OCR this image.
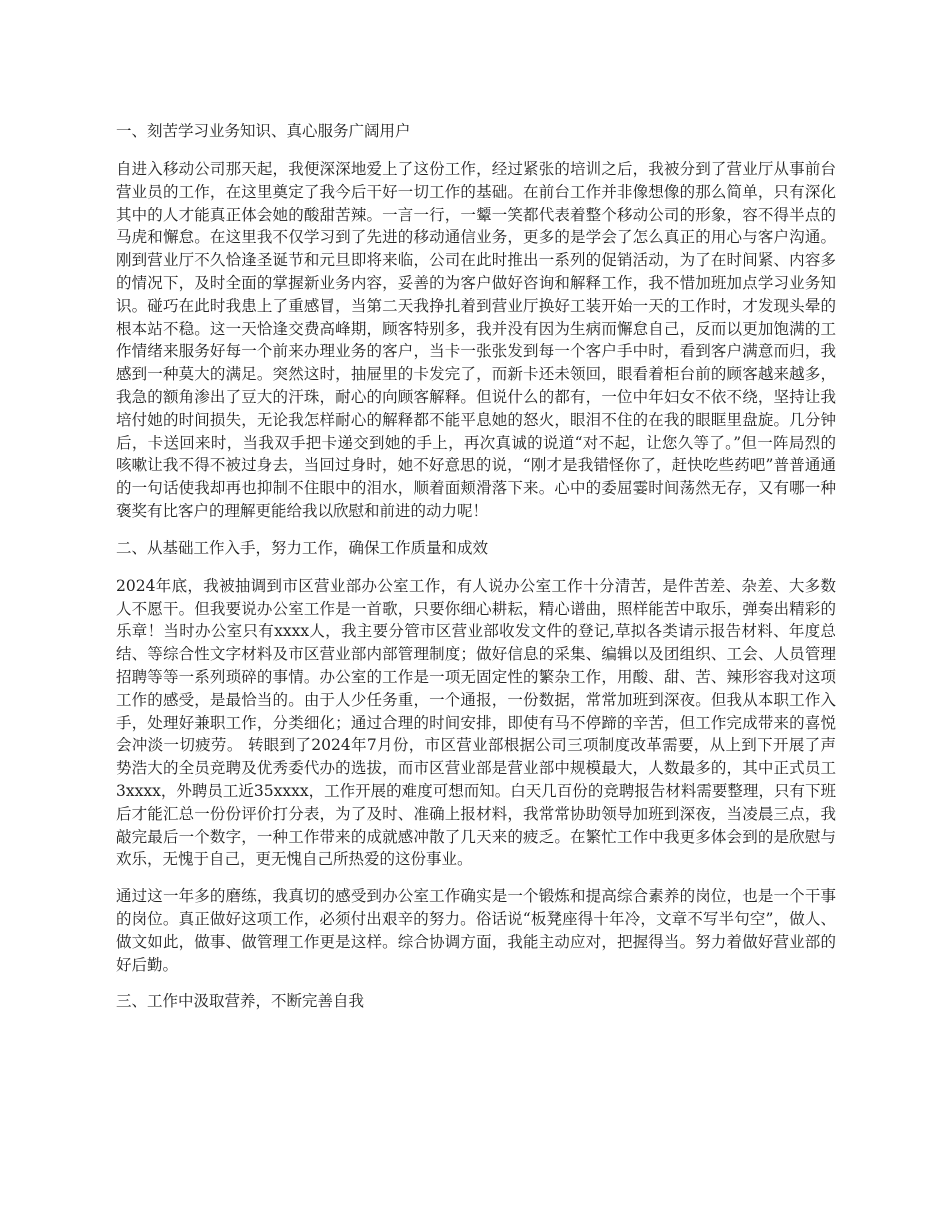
一、刻苦学习业务知识、真心服务广阔用户

自进入移动公司那天起，我便深深地爱上了这份工作，经过紧张的培训之后，我被分到了营业厅从事前台营业员的工作，在这里奠定了我今后干好一切工作的基础。在前台工作并非像想像的那么简单，只有深化其中的人才能真正体会她的酸甜苦辣。一言一行，一颦一笑都代表着整个移动公司的形象，容不得半点的马虎和懈怠。在这里我不仅学习到了先进的移动通信业务，更多的是学会了怎么真正的用心与客户沟通。刚到营业厅不久恰逢圣诞节和元旦即将来临，公司在此时推出一系列的促销活动，为了在时间紧、内容多的情况下，及时全面的掌握新业务内容，妥善的为客户做好咨询和解释工作，我不惜加班加点学习业务知识。碰巧在此时我患上了重感冒，当第二天我挣扎着到营业厅换好工装开始一天的工作时，才发现头晕的根本站不稳。这一天恰逢交费高峰期，顾客特别多，我并没有因为生病而懈怠自己，反而以更加饱满的工作情绪来服务好每一个前来办理业务的客户，当卡一张张发到每一个客户手中时，看到客户满意而归，我感到一种莫大的满足。突然这时，抽屉里的卡发完了，而新卡还未领回，眼看着柜台前的顾客越来越多，我急的额角渗出了豆大的汗珠，耐心的向顾客解释。但说什么的都有，一位中年妇女不依不绕，坚持让我培付她的时间损失，无论我怎样耐心的解释都不能平息她的怒火，眼泪不住的在我的眼眶里盘旋。几分钟后，卡送回来时，当我双手把卡递交到她的手上，再次真诚的说道“对不起，让您久等了。”但一阵局烈的咳嗽让我不得不被过身去，当回过身时，她不好意思的说，“刚才是我错怪你了，赶快吃些药吧”普普通通的一句话使我却再也抑制不住眼中的泪水，顺着面颊滑落下来。心中的委屈霎时间荡然无存，又有哪一种褒奖有比客户的理解更能给我以欣慰和前进的动力呢！

二、从基础工作入手，努力工作，确保工作质量和成效

2024年底，我被抽调到市区营业部办公室工作，有人说办公室工作十分清苦，是件苦差、杂差、大多数人不愿干。但我要说办公室工作是一首歌，只要你细心耕耘，精心谱曲，照样能苦中取乐，弹奏出精彩的乐章！当时办公室只有xxxx人，我主要分管市区营业部收发文件的登记,草拟各类请示报告材料、年度总结、等综合性文字材料及市区营业部内部管理制度；做好信息的采集、编辑以及团组织、工会、人员管理招聘等等一系列琐碎的事情。办公室的工作是一项无固定性的繁杂工作，用酸、甜、苦、辣形容我对这项工作的感受，是最恰当的。由于人少任务重，一个通报，一份数据，常常加班到深夜。但我从本职工作入手，处理好兼职工作，分类细化；通过合理的时间安排，即使有马不停蹄的辛苦，但工作完成带来的喜悦会冲淡一切疲劳。 转眼到了2024年7月份，市区营业部根据公司三项制度改革需要，从上到下开展了声势浩大的全员竞聘及优秀委代办的选拔，而市区营业部是营业部中规模最大，人数最多的，其中正式员工3xxxx，外聘员工近35xxxx，工作开展的难度可想而知。白天几百份的竞聘报告材料需要整理，只有下班后才能汇总一份份评价打分表，为了及时、准确上报材料，我常常协助领导加班到深夜，当凌晨三点，我敲完最后一个数字，一种工作带来的成就感冲散了几天来的疲乏。在繁忙工作中我更多体会到的是欣慰与欢乐，无愧于自己，更无愧自己所热爱的这份事业。

通过这一年多的磨练，我真切的感受到办公室工作确实是一个锻炼和提高综合素养的岗位，也是一个干事的岗位。真正做好这项工作，必须付出艰辛的努力。俗话说“板凳座得十年冷，文章不写半句空”，做人、做文如此，做事、做管理工作更是这样。综合协调方面，我能主动应对，把握得当。努力着做好营业部的好后勤。

三、工作中汲取营养，不断完善自我
